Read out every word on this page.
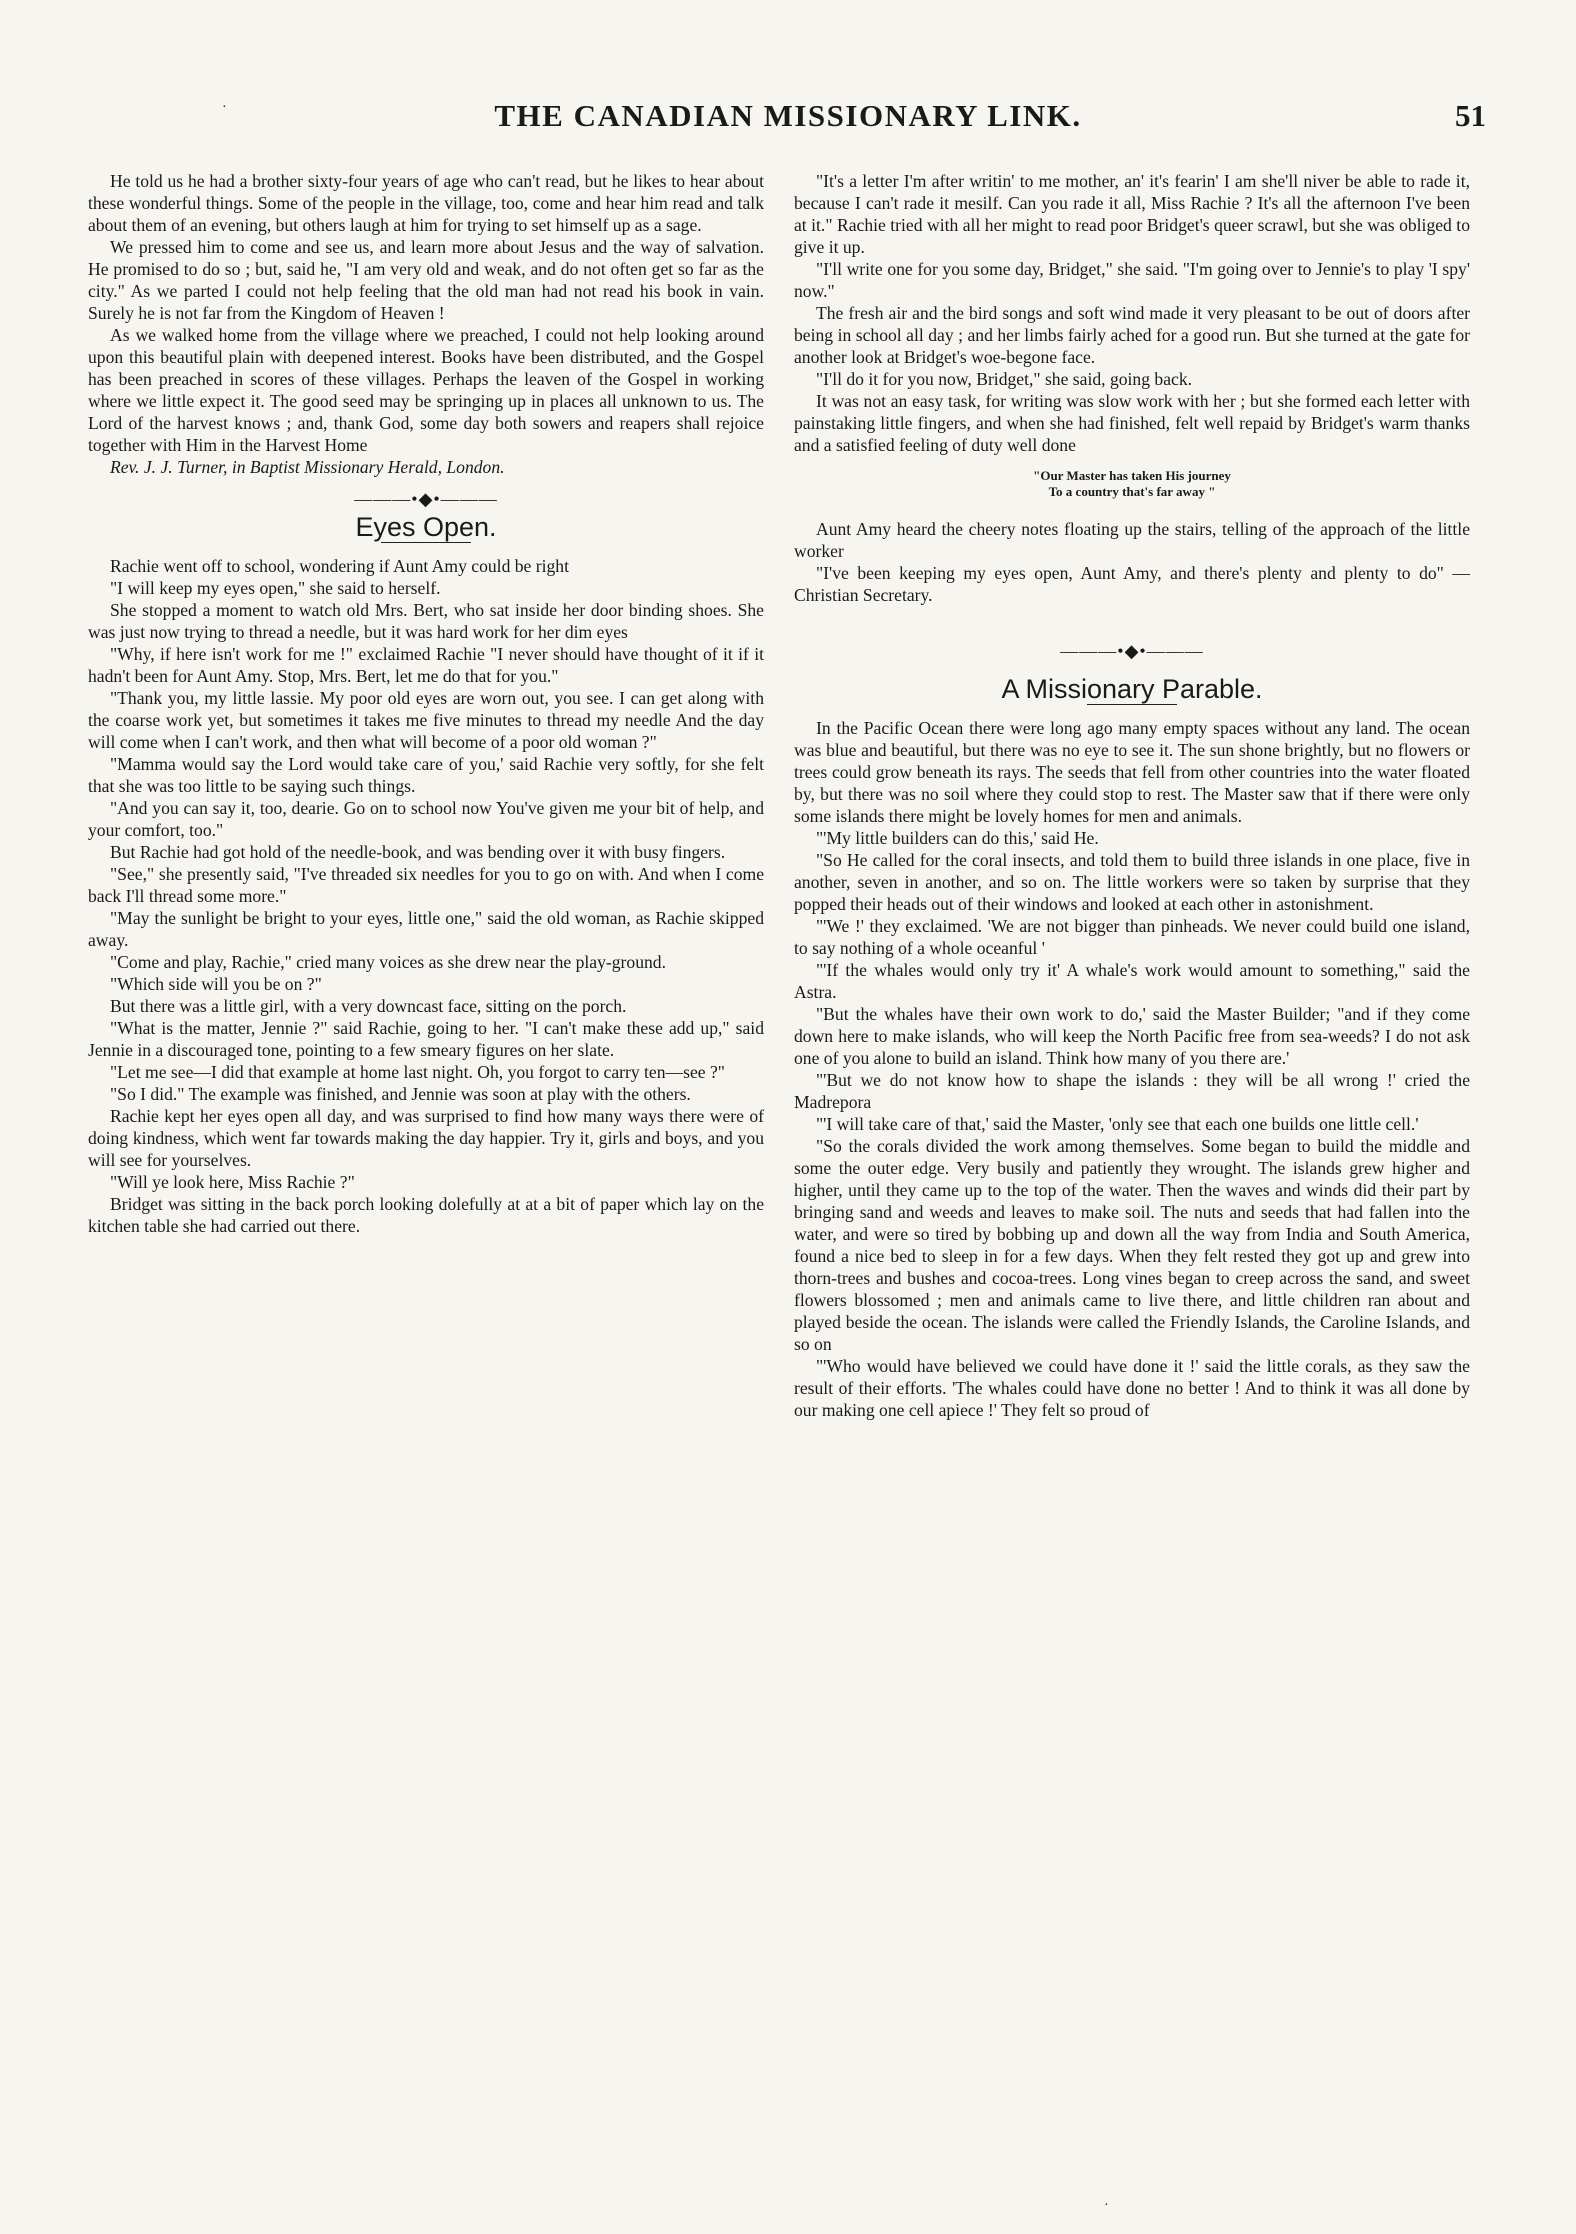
·	THE CANADIAN MISSIONARY LINK.	51

He told us he had a brother sixty-four years of age who can't read, but he likes to hear about these wonderful things. Some of the people in the village, too, come and hear him read and talk about them of an evening, but others laugh at him for trying to set himself up as a sage.

We pressed him to come and see us, and learn more about Jesus and the way of salvation. He promised to do so ; but, said he, "I am very old and weak, and do not often get so far as the city." As we parted I could not help feeling that the old man had not read his book in vain. Surely he is not far from the Kingdom of Heaven !

As we walked home from the village where we preached, I could not help looking around upon this beautiful plain with deepened interest. Books have been distributed, and the Gospel has been preached in scores of these villages. Perhaps the leaven of the Gospel in working where we little expect it. The good seed may be springing up in places all unknown to us. The Lord of the harvest knows ; and, thank God, some day both sowers and reapers shall rejoice together with Him in the Harvest Home

Rev. J. J. Turner, in Baptist Missionary Herald, London.

———•◆•———
Eyes Open.

Rachie went off to school, wondering if Aunt Amy could be right

"I will keep my eyes open," she said to herself.

She stopped a moment to watch old Mrs. Bert, who sat inside her door binding shoes. She was just now trying to thread a needle, but it was hard work for her dim eyes

"Why, if here isn't work for me !" exclaimed Rachie "I never should have thought of it if it hadn't been for Aunt Amy. Stop, Mrs. Bert, let me do that for you."

"Thank you, my little lassie. My poor old eyes are worn out, you see. I can get along with the coarse work yet, but sometimes it takes me five minutes to thread my needle And the day will come when I can't work, and then what will become of a poor old woman ?"

"Mamma would say the Lord would take care of you,' said Rachie very softly, for she felt that she was too little to be saying such things.

"And you can say it, too, dearie. Go on to school now You've given me your bit of help, and your comfort, too."

But Rachie had got hold of the needle-book, and was bending over it with busy fingers.

"See," she presently said, "I've threaded six needles for you to go on with. And when I come back I'll thread some more."

"May the sunlight be bright to your eyes, little one," said the old woman, as Rachie skipped away.

"Come and play, Rachie," cried many voices as she drew near the play-ground.

"Which side will you be on ?"

But there was a little girl, with a very downcast face, sitting on the porch.

"What is the matter, Jennie ?" said Rachie, going to her. "I can't make these add up," said Jennie in a discouraged tone, pointing to a few smeary figures on her slate.

"Let me see—I did that example at home last night. Oh, you forgot to carry ten—see ?"

"So I did." The example was finished, and Jennie was soon at play with the others.

Rachie kept her eyes open all day, and was surprised to find how many ways there were of doing kindness, which went far towards making the day happier. Try it, girls and boys, and you will see for yourselves.

"Will ye look here, Miss Rachie ?"

Bridget was sitting in the back porch looking dolefully at at a bit of paper which lay on the kitchen table she had carried out there.

"It's a letter I'm after writin' to me mother, an' it's fearin' I am she'll niver be able to rade it, because I can't rade it mesilf. Can you rade it all, Miss Rachie ? It's all the afternoon I've been at it." Rachie tried with all her might to read poor Bridget's queer scrawl, but she was obliged to give it up.

"I'll write one for you some day, Bridget," she said. "I'm going over to Jennie's to play 'I spy' now."

The fresh air and the bird songs and soft wind made it very pleasant to be out of doors after being in school all day ; and her limbs fairly ached for a good run. But she turned at the gate for another look at Bridget's woe-begone face.

"I'll do it for you now, Bridget," she said, going back.

It was not an easy task, for writing was slow work with her ; but she formed each letter with painstaking little fingers, and when she had finished, felt well repaid by Bridget's warm thanks and a satisfied feeling of duty well done

"Our Master has taken His journey
To a country that's far away "

Aunt Amy heard the cheery notes floating up the stairs, telling of the approach of the little worker

"I've been keeping my eyes open, Aunt Amy, and there's plenty and plenty to do" —Christian Secretary.

———•◆•———
A Missionary Parable.

In the Pacific Ocean there were long ago many empty spaces without any land. The ocean was blue and beautiful, but there was no eye to see it. The sun shone brightly, but no flowers or trees could grow beneath its rays. The seeds that fell from other countries into the water floated by, but there was no soil where they could stop to rest. The Master saw that if there were only some islands there might be lovely homes for men and animals.

"'My little builders can do this,' said He.

"So He called for the coral insects, and told them to build three islands in one place, five in another, seven in another, and so on. The little workers were so taken by surprise that they popped their heads out of their windows and looked at each other in astonishment.

"'We !' they exclaimed. 'We are not bigger than pinheads. We never could build one island, to say nothing of a whole oceanful '

"'If the whales would only try it' A whale's work would amount to something," said the Astra.

"But the whales have their own work to do,' said the Master Builder; "and if they come down here to make islands, who will keep the North Pacific free from sea-weeds? I do not ask one of you alone to build an island. Think how many of you there are.'

"'But we do not know how to shape the islands : they will be all wrong !' cried the Madrepora

"'I will take care of that,' said the Master, 'only see that each one builds one little cell.'

"So the corals divided the work among themselves. Some began to build the middle and some the outer edge. Very busily and patiently they wrought. The islands grew higher and higher, until they came up to the top of the water. Then the waves and winds did their part by bringing sand and weeds and leaves to make soil. The nuts and seeds that had fallen into the water, and were so tired by bobbing up and down all the way from India and South America, found a nice bed to sleep in for a few days. When they felt rested they got up and grew into thorn-trees and bushes and cocoa-trees. Long vines began to creep across the sand, and sweet flowers blossomed ; men and animals came to live there, and little children ran about and played beside the ocean. The islands were called the Friendly Islands, the Caroline Islands, and so on

"'Who would have believed we could have done it !' said the little corals, as they saw the result of their efforts. 'The whales could have done no better ! And to think it was all done by our making one cell apiece !' They felt so proud of

·
